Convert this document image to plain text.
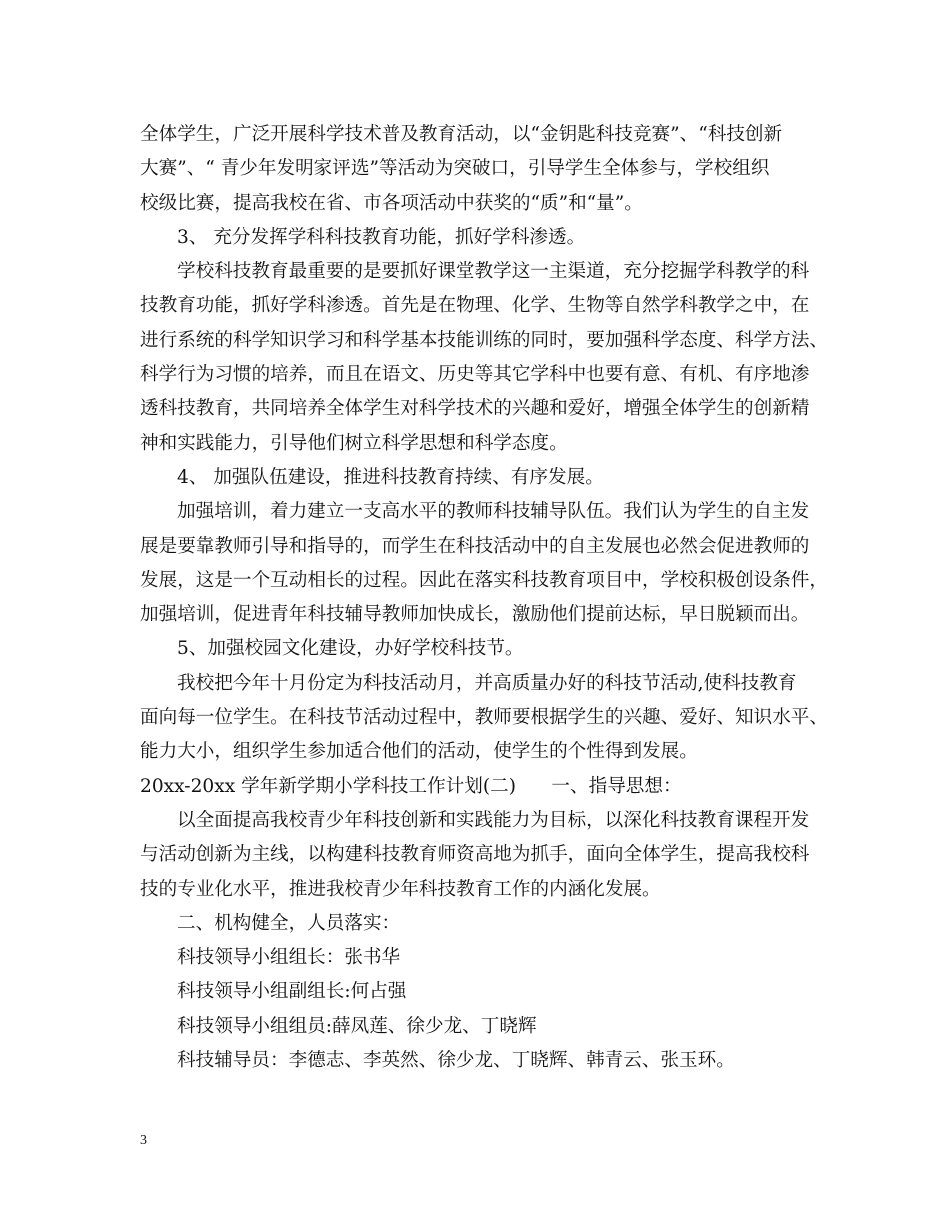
全体学生，广泛开展科学技术普及教育活动，以“金钥匙科技竞赛”、“科技创新
大赛”、“ 青少年发明家评选”等活动为突破口，引导学生全体参与，学校组织
校级比赛，提高我校在省、市各项活动中获奖的“质”和“量”。
3、 充分发挥学科科技教育功能，抓好学科渗透。
学校科技教育最重要的是要抓好课堂教学这一主渠道，充分挖掘学科教学的科
技教育功能，抓好学科渗透。首先是在物理、化学、生物等自然学科教学之中，在
进行系统的科学知识学习和科学基本技能训练的同时，要加强科学态度、科学方法、
科学行为习惯的培养，而且在语文、历史等其它学科中也要有意、有机、有序地渗
透科技教育，共同培养全体学生对科学技术的兴趣和爱好，增强全体学生的创新精
神和实践能力，引导他们树立科学思想和科学态度。
4、 加强队伍建设，推进科技教育持续、有序发展。
加强培训，着力建立一支高水平的教师科技辅导队伍。我们认为学生的自主发
展是要靠教师引导和指导的，而学生在科技活动中的自主发展也必然会促进教师的
发展，这是一个互动相长的过程。因此在落实科技教育项目中，学校积极创设条件，
加强培训，促进青年科技辅导教师加快成长，激励他们提前达标，早日脱颖而出。
5、加强校园文化建设，办好学校科技节。
我校把今年十月份定为科技活动月，并高质量办好的科技节活动,使科技教育
面向每一位学生。在科技节活动过程中，教师要根据学生的兴趣、爱好、知识水平、
能力大小，组织学生参加适合他们的活动，使学生的个性得到发展。
20xx-20xx 学年新学期小学科技工作计划(二)      一、指导思想：
以全面提高我校青少年科技创新和实践能力为目标，以深化科技教育课程开发
与活动创新为主线，以构建科技教育师资高地为抓手，面向全体学生，提高我校科
技的专业化水平，推进我校青少年科技教育工作的内涵化发展。
二、机构健全，人员落实：
科技领导小组组长：张书华
科技领导小组副组长:何占强
科技领导小组组员:薛凤莲、徐少龙、丁晓辉
科技辅导员：李德志、李英然、徐少龙、丁晓辉、韩青云、张玉环。
3
